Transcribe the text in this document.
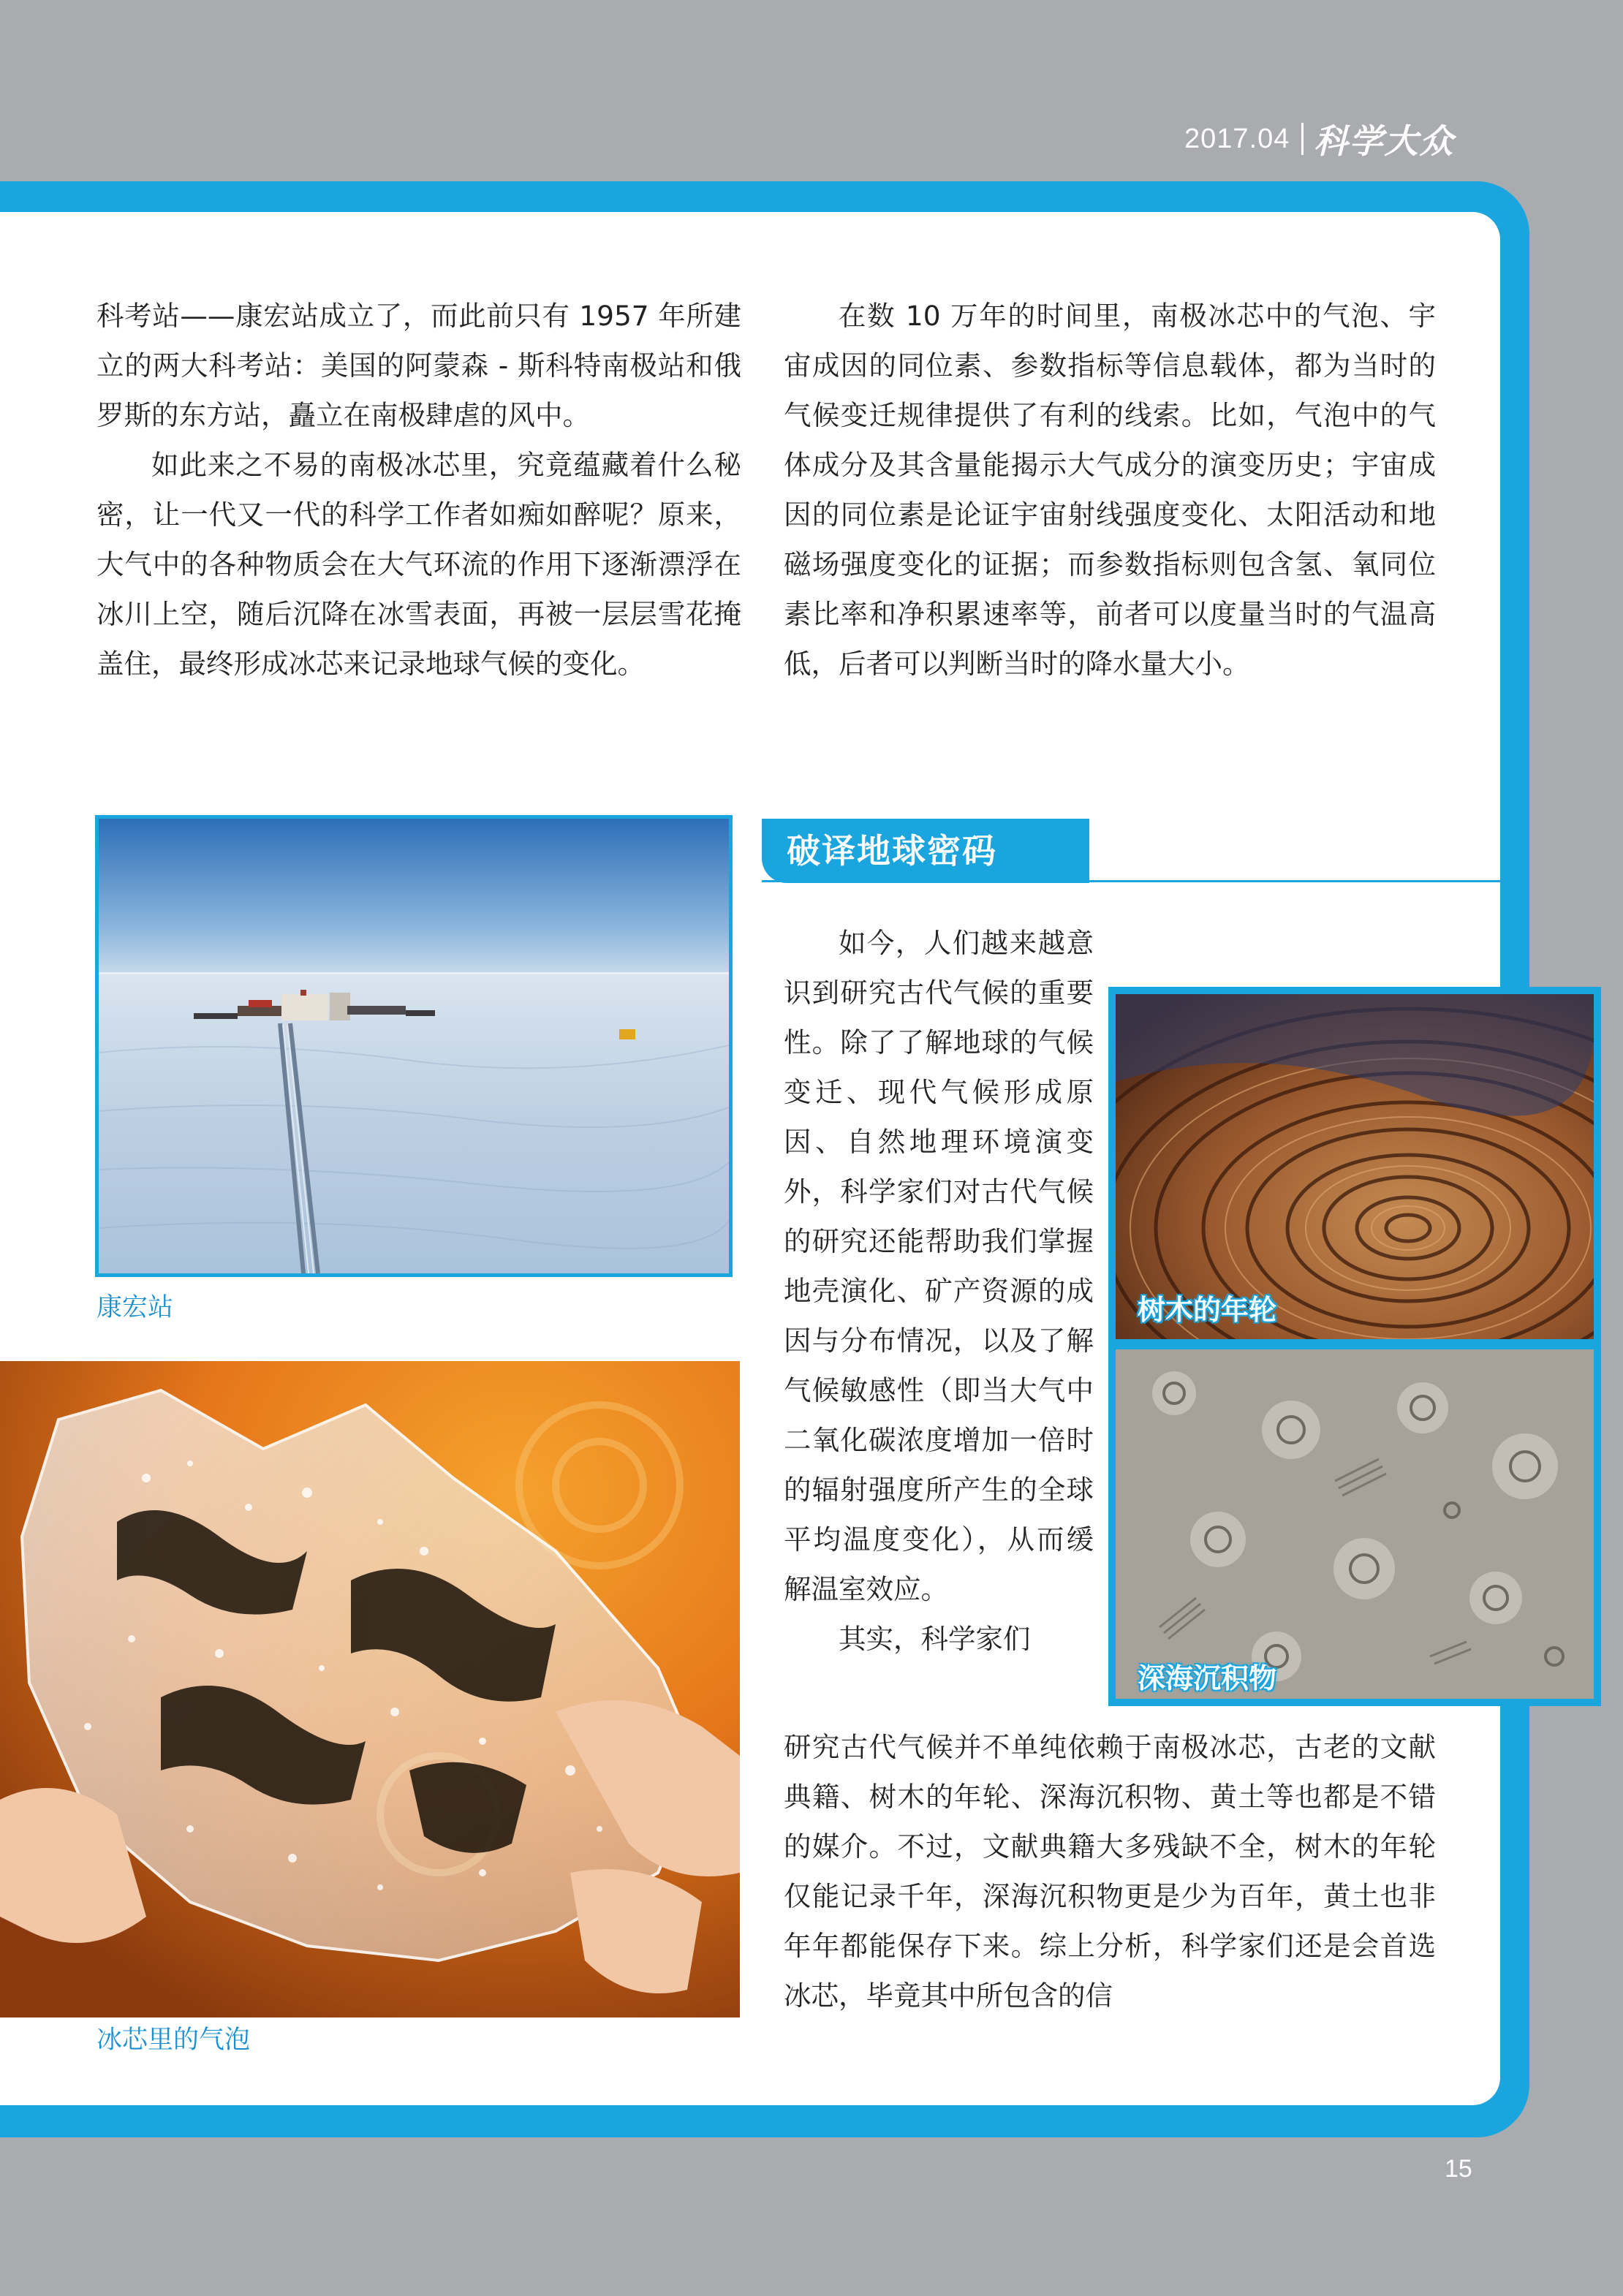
2017.04 科学大众

科考站——康宏站成立了，而此前只有 1957 年所建立的两大科考站：美国的阿蒙森 - 斯科特南极站和俄罗斯的东方站，矗立在南极肆虐的风中。

如此来之不易的南极冰芯里，究竟蕴藏着什么秘密，让一代又一代的科学工作者如痴如醉呢？原来，大气中的各种物质会在大气环流的作用下逐渐漂浮在冰川上空，随后沉降在冰雪表面，再被一层层雪花掩盖住，最终形成冰芯来记录地球气候的变化。

在数 10 万年的时间里，南极冰芯中的气泡、宇宙成因的同位素、参数指标等信息载体，都为当时的气候变迁规律提供了有利的线索。比如，气泡中的气体成分及其含量能揭示大气成分的演变历史；宇宙成因的同位素是论证宇宙射线强度变化、太阳活动和地磁场强度变化的证据；而参数指标则包含氢、氧同位素比率和净积累速率等，前者可以度量当时的气温高低，后者可以判断当时的降水量大小。

康宏站
冰芯里的气泡
破译地球密码

如今，人们越来越意识到研究古代气候的重要性。除了了解地球的气候变迁、现代气候形成原因、自然地理环境演变外，科学家们对古代气候的研究还能帮助我们掌握地壳演化、矿产资源的成因与分布情况，以及了解气候敏感性（即当大气中二氧化碳浓度增加一倍时的辐射强度所产生的全球平均温度变化），从而缓解温室效应。

其实，科学家们

研究古代气候并不单纯依赖于南极冰芯，古老的文献典籍、树木的年轮、深海沉积物、黄土等也都是不错的媒介。不过，文献典籍大多残缺不全，树木的年轮仅能记录千年，深海沉积物更是少为百年，黄土也非年年都能保存下来。综上分析，科学家们还是会首选冰芯，毕竟其中所包含的信

树木的年轮
深海沉积物
15
